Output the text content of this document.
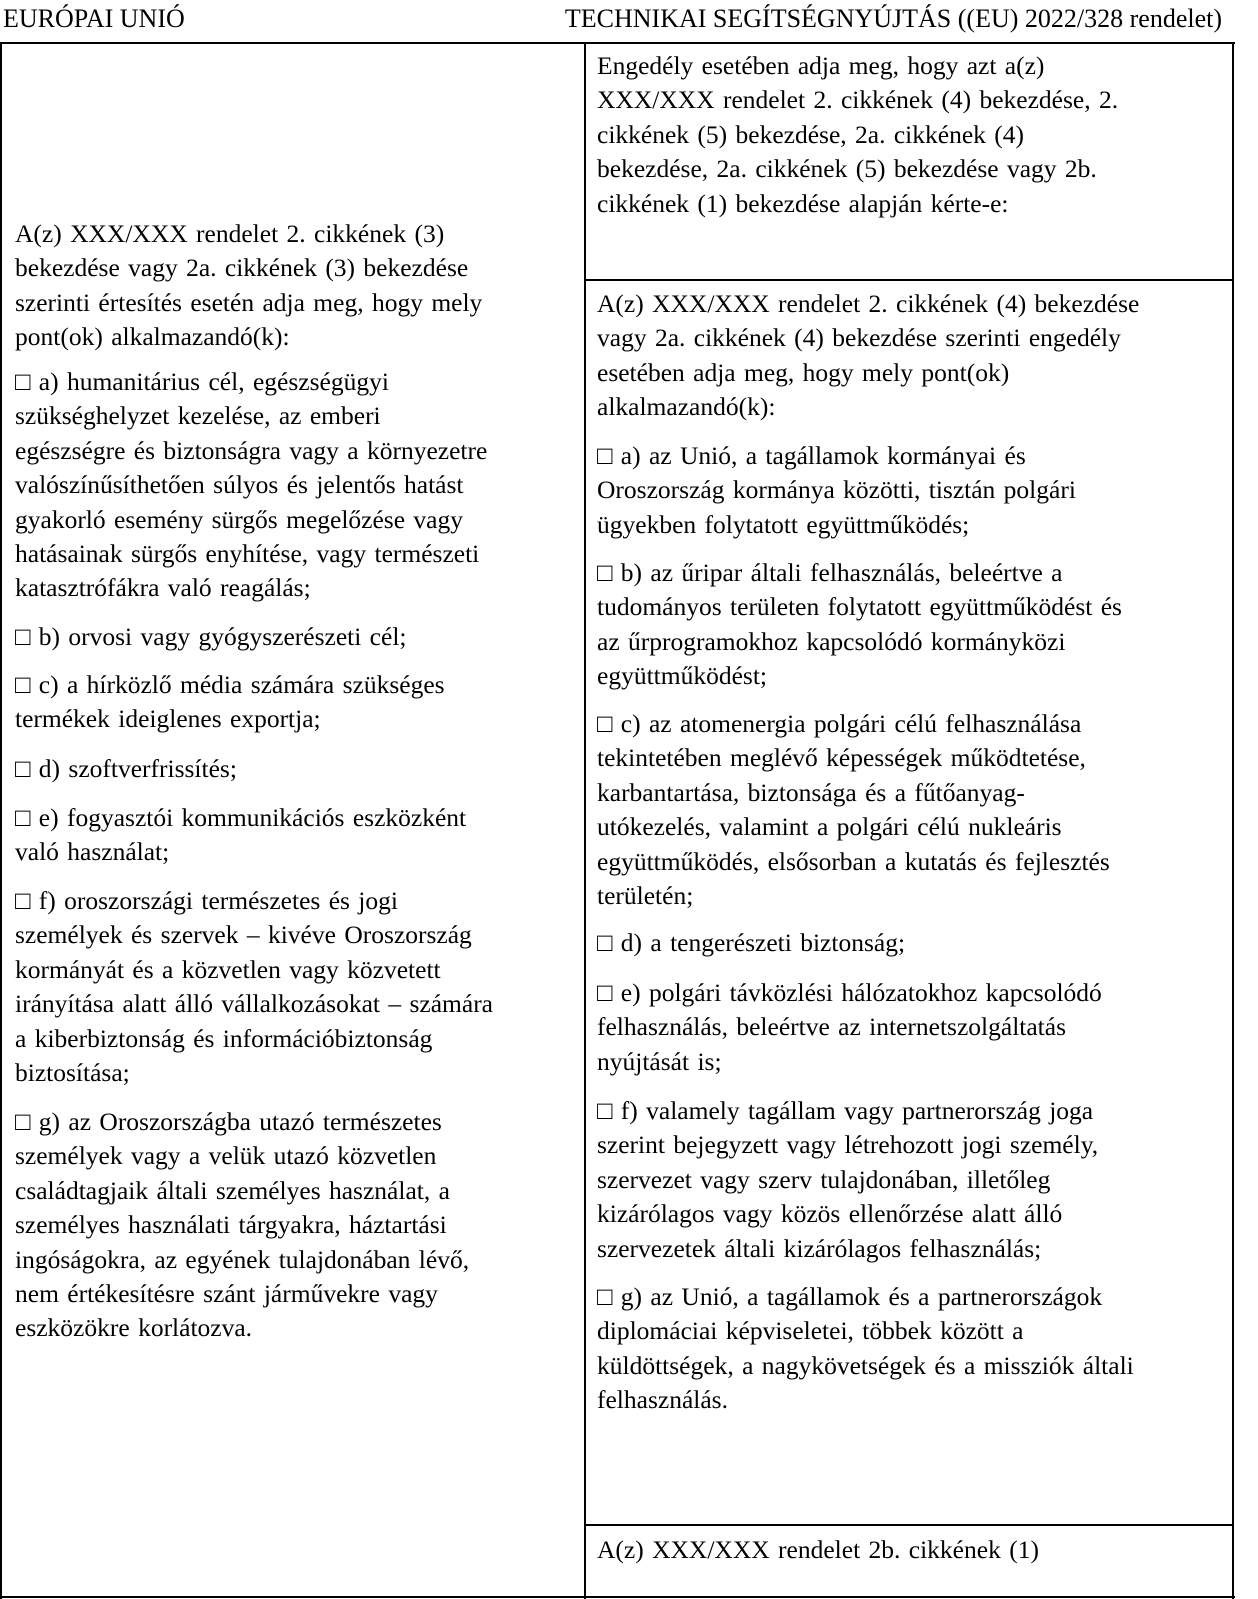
EURÓPAI UNIÓ	TECHNIKAI SEGÍTSÉGNYÚJTÁS ((EU) 2022/328 rendelet)
A(z) XXX/XXX rendelet 2. cikkének (3)
bekezdése vagy 2a. cikkének (3) bekezdése
szerinti értesítés esetén adja meg, hogy mely
pont(ok) alkalmazandó(k):
□ a) humanitárius cél, egészségügyi
szükséghelyzet kezelése, az emberi
egészségre és biztonságra vagy a környezetre
valószínűsíthetően súlyos és jelentős hatást
gyakorló esemény sürgős megelőzése vagy
hatásainak sürgős enyhítése, vagy természeti
katasztrófákra való reagálás;
□ b) orvosi vagy gyógyszerészeti cél;
□ c) a hírközlő média számára szükséges
termékek ideiglenes exportja;
□ d) szoftverfrissítés;
□ e) fogyasztói kommunikációs eszközként
való használat;
□ f) oroszországi természetes és jogi
személyek és szervek – kivéve Oroszország
kormányát és a közvetlen vagy közvetett
irányítása alatt álló vállalkozásokat – számára
a kiberbiztonság és információbiztonság
biztosítása;
□ g) az Oroszországba utazó természetes
személyek vagy a velük utazó közvetlen
családtagjaik általi személyes használat, a
személyes használati tárgyakra, háztartási
ingóságokra, az egyének tulajdonában lévő,
nem értékesítésre szánt járművekre vagy
eszközökre korlátozva.
Engedély esetében adja meg, hogy azt a(z)
XXX/XXX rendelet 2. cikkének (4) bekezdése, 2.
cikkének (5) bekezdése, 2a. cikkének (4)
bekezdése, 2a. cikkének (5) bekezdése vagy 2b.
cikkének (1) bekezdése alapján kérte-e:
A(z) XXX/XXX rendelet 2. cikkének (4) bekezdése
vagy 2a. cikkének (4) bekezdése szerinti engedély
esetében adja meg, hogy mely pont(ok)
alkalmazandó(k):
□ a) az Unió, a tagállamok kormányai és
Oroszország kormánya közötti, tisztán polgári
ügyekben folytatott együttműködés;
□ b) az űripar általi felhasználás, beleértve a
tudományos területen folytatott együttműködést és
az űrprogramokhoz kapcsolódó kormányközi
együttműködést;
□ c) az atomenergia polgári célú felhasználása
tekintetében meglévő képességek működtetése,
karbantartása, biztonsága és a fűtőanyag-
utókezelés, valamint a polgári célú nukleáris
együttműködés, elsősorban a kutatás és fejlesztés
területén;
□ d) a tengerészeti biztonság;
□ e) polgári távközlési hálózatokhoz kapcsolódó
felhasználás, beleértve az internetszolgáltatás
nyújtását is;
□ f) valamely tagállam vagy partnerország joga
szerint bejegyzett vagy létrehozott jogi személy,
szervezet vagy szerv tulajdonában, illetőleg
kizárólagos vagy közös ellenőrzése alatt álló
szervezetek általi kizárólagos felhasználás;
□ g) az Unió, a tagállamok és a partnerországok
diplomáciai képviseletei, többek között a
küldöttségek, a nagykövetségek és a missziók általi
felhasználás.
A(z) XXX/XXX rendelet 2b. cikkének (1)
